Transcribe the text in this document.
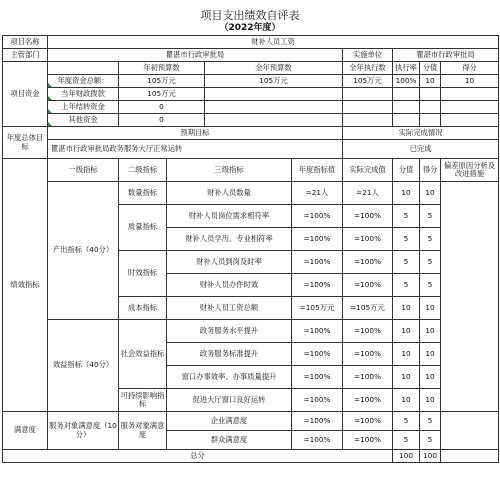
项目支出绩效自评表
（2022年度）
项目名称	财补人员工资								
主管部门	瞿湛市行政审批局					实施单位	瞿湛市行政审批局		
项目资金		年初预算数		全年预算数		全年执行数	执行率	分值	得分
	年度资金总额：	105万元		105万元		105万元	100%	10	10
	当年财政拨款	105万元							
	上年结转资金	0							
	其他资金	0							
年度总体目标	预期目标					实际完成情况			
	瞿湛市行政审批局政务服务大厅正常运转					已完成			
绩效指标	一级指标	二级指标	三级指标		年度指标值	实际完成值	分值	得分	偏差原因分析及改进措施
	产出指标（40分）	数量指标	财补人员数量		=21人	=21人	10	10	
		质量指标	财补人员岗位需求相符率		=100%	=100%	5	5	
			财补人员学历、专业相符率		=100%	=100%	5	5	
		时效指标	财补人员到岗及时率		=100%	=100%	5	5	
			财补人员办件时效		=100%	=100%	5	5	
		成本指标	财补人员工资总额		=105万元	=105万元	10	10	
	效益指标（40分）	社会效益指标	政务服务水平提升		=100%	=100%	10	10	
			政务服务标准提升		=100%	=100%	10	10	
			窗口办事效率、办事质量提升		=100%	=100%	10	10	
		可持续影响指标	促进大厅窗口良好运转		=100%	=100%	10	10	
满意度	服务对象满意度（10分）	服务对象满意度	企业满意度		=100%	=100%	5	5	
			群众满意度		=100%	=100%	5	5	
总分							100	100	
